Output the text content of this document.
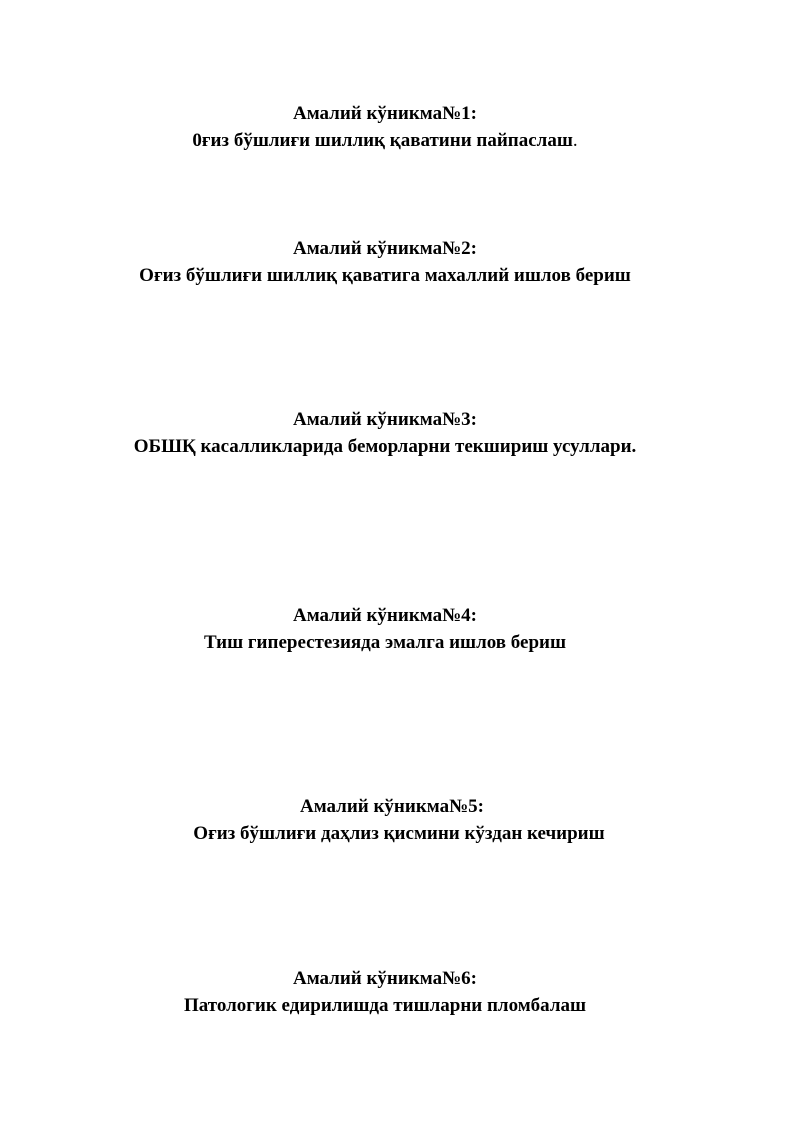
Амалий кўникма№1:
0ғиз бўшлиғи шиллиқ қаватини пайпаслаш.
Амалий кўникма№2:
Оғиз бўшлиғи шиллиқ қаватига махаллий ишлов бериш
Амалий кўникма№3:
ОБШҚ касалликларида беморларни текшириш усуллари.
Амалий кўникма№4:
Тиш гиперестезияда эмалга ишлов бериш
Амалий кўникма№5:
Оғиз бўшлиғи даҳлиз қисмини кўздан кечириш
Амалий кўникма№6:
Патологик едирилишда тишларни пломбалаш
